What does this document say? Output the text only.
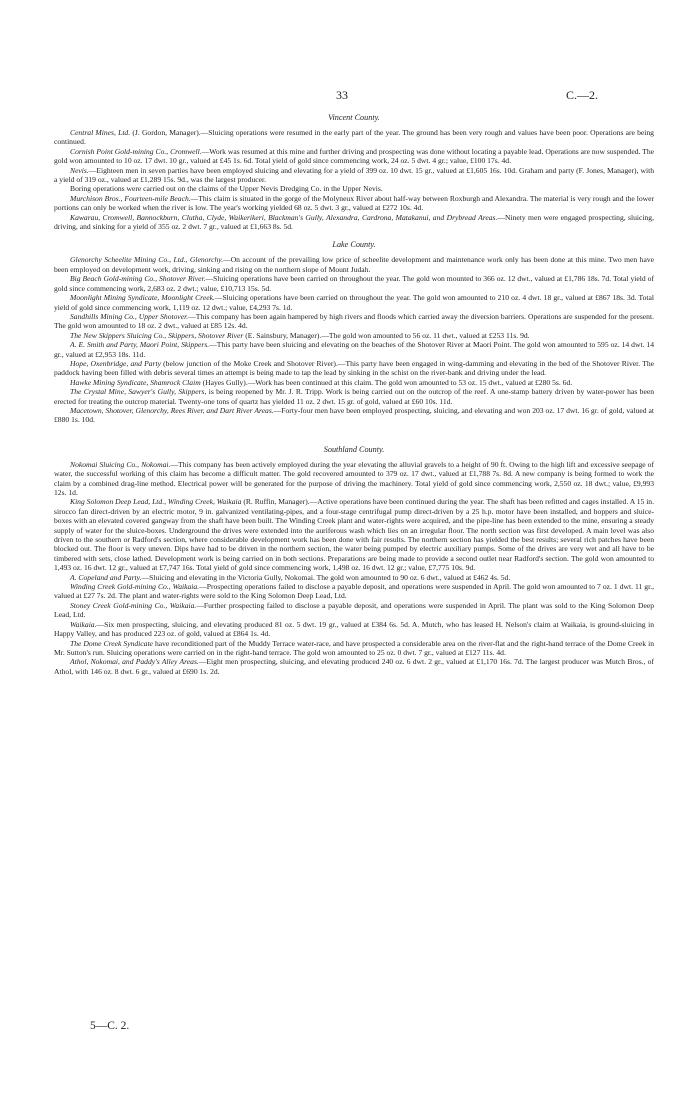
33	C.—2.
Vincent County.

Central Mines, Ltd. (J. Gordon, Manager).—Sluicing operations were resumed in the early part of the year. The ground has been very rough and values have been poor. Operations are being continued.

Cornish Point Gold-mining Co., Cromwell.—Work was resumed at this mine and further driving and prospecting was done without locating a payable lead. Operations are now suspended. The gold won amounted to 10 oz. 17 dwt. 10 gr., valued at £45 1s. 6d. Total yield of gold since commencing work, 24 oz. 5 dwt. 4 gr.; value, £100 17s. 4d.

Nevis.—Eighteen men in seven parties have been employed sluicing and elevating for a yield of 399 oz. 10 dwt. 15 gr., valued at £1,605 16s. 10d. Graham and party (F. Jones, Manager), with a yield of 319 oz., valued at £1,289 15s. 9d., was the largest producer.

Boring operations were carried out on the claims of the Upper Nevis Dredging Co. in the Upper Nevis.

Murchison Bros., Fourteen-mile Beach.—This claim is situated in the gorge of the Molyneux River about half-way between Roxburgh and Alexandra. The material is very rough and the lower portions can only be worked when the river is low. The year's working yielded 68 oz. 5 dwt. 3 gr., valued at £272 10s. 4d.

Kawarau, Cromwell, Bannockburn, Clutha, Clyde, Waikerikeri, Blackman's Gully, Alexandra, Cardrona, Matakanui, and Drybread Areas.—Ninety men were engaged prospecting, sluicing, driving, and sinking for a yield of 355 oz. 2 dwt. 7 gr., valued at £1,663 8s. 5d.

Lake County.

Glenorchy Scheelite Mining Co., Ltd., Glenorchy.—On account of the prevailing low price of scheelite development and maintenance work only has been done at this mine. Two men have been employed on development work, driving, sinking and rising on the northern slope of Mount Judah.

Big Beach Gold-mining Co., Shotover River.—Sluicing operations have been carried on throughout the year. The gold won mounted to 366 oz. 12 dwt., valued at £1,786 18s. 7d. Total yield of gold since commencing work, 2,683 oz. 2 dwt.; value, £10,713 15s. 5d.

Moonlight Mining Syndicate, Moonlight Creek.—Sluicing operations have been carried on throughout the year. The gold won amounted to 210 oz. 4 dwt. 18 gr., valued at £867 18s. 3d. Total yield of gold since commencing work, 1,119 oz. 12 dwt.; value, £4,293 7s. 1d.

Sandhills Mining Co., Upper Shotover.—This company has been again hampered by high rivers and floods which carried away the diversion barriers. Operations are suspended for the present. The gold won amounted to 18 oz. 2 dwt., valued at £85 12s. 4d.

The New Skippers Sluicing Co., Skippers, Shotover River (E. Sainsbury, Manager).—The gold won amounted to 56 oz. 11 dwt., valued at £253 11s. 9d.

A. E. Smith and Party, Maori Point, Skippers.—This party have been sluicing and elevating on the beaches of the Shotover River at Maori Point. The gold won amounted to 595 oz. 14 dwt. 14 gr., valued at £2,953 18s. 11d.

Hope, Oxenbridge, and Party (below junction of the Moke Creek and Shotover River).—This party have been engaged in wing-damming and elevating in the bed of the Shotover River. The paddock having been filled with debris several times an attempt is being made to tap the lead by sinking in the schist on the river-bank and driving under the lead.

Hawke Mining Syndicate, Shamrock Claim (Hayes Gully).—Work has been continued at this claim. The gold won amounted to 53 oz. 15 dwt., valued at £280 5s. 6d.

The Crystal Mine, Sawyer's Gully, Skippers, is being reopened by Mr. J. R. Tripp. Work is being carried out on the outcrop of the reef. A one-stamp battery driven by water-power has been erected for treating the outcrop material. Twenty-one tons of quartz has yielded 11 oz. 2 dwt. 15 gr. of gold, valued at £60 10s. 11d.

Macetown, Shotover, Glenorchy, Rees River, and Dart River Areas.—Forty-four men have been employed prospecting, sluicing, and elevating and won 203 oz. 17 dwt. 16 gr. of gold, valued at £880 1s. 10d.

Southland County.

Nokomai Sluicing Co., Nokomai.—This company has been actively employed during the year elevating the alluvial gravels to a height of 90 ft. Owing to the high lift and excessive seepage of water, the successful working of this claim has become a difficult matter. The gold recovered amounted to 379 oz. 17 dwt., valued at £1,788 7s. 8d. A new company is being formed to work the claim by a combined drag-line method. Electrical power will be generated for the purpose of driving the machinery. Total yield of gold since commencing work, 2,550 oz. 18 dwt.; value, £9,993 12s. 1d.

King Solomon Deep Lead, Ltd., Winding Creek, Waikaia (R. Ruffin, Manager).—Active operations have been continued during the year. The shaft has been refitted and cages installed. A 15 in. sirocco fan direct-driven by an electric motor, 9 in. galvanized ventilating-pipes, and a four-stage centrifugal pump direct-driven by a 25 h.p. motor have been installed, and hoppers and sluice-boxes with an elevated covered gangway from the shaft have been built. The Winding Creek plant and water-rights were acquired, and the pipe-line has been extended to the mine, ensuring a steady supply of water for the sluice-boxes. Underground the drives were extended into the auriferous wash which lies on an irregular floor. The north section was first developed. A main level was also driven to the southern or Radford's section, where considerable development work has been done with fair results. The northern section has yielded the best results; several rich patches have been blocked out. The floor is very uneven. Dips have had to be driven in the northern section, the water being pumped by electric auxiliary pumps. Some of the drives are very wet and all have to be timbered with sets, close lathed. Development work is being carried on in both sections. Preparations are being made to provide a second outlet near Radford's section. The gold won amounted to 1,493 oz. 16 dwt. 12 gr., valued at £7,747 16s. Total yield of gold since commencing work, 1,498 oz. 16 dwt. 12 gr.; value, £7,775 10s. 9d.

A. Copeland and Party.—Sluicing and elevating in the Victoria Gully, Nokomai. The gold won amounted to 90 oz. 6 dwt., valued at £462 4s. 5d.

Winding Creek Gold-mining Co., Waikaia.—Prospecting operations failed to disclose a payable deposit, and operations were suspended in April. The gold won amounted to 7 oz. 1 dwt. 11 gr., valued at £27 7s. 2d. The plant and water-rights were sold to the King Solomon Deep Lead, Ltd.

Stoney Creek Gold-mining Co., Waikaia.—Further prospecting failed to disclose a payable deposit, and operations were suspended in April. The plant was sold to the King Solomon Deep Lead, Ltd.

Waikaia.—Six men prospecting, sluicing, and elevating produced 81 oz. 5 dwt. 19 gr., valued at £384 6s. 5d. A. Mutch, who has leased H. Nelson's claim at Waikaia, is ground-sluicing in Happy Valley, and has produced 223 oz. of gold, valued at £864 1s. 4d.

The Dome Creek Syndicate have reconditioned part of the Muddy Terrace water-race, and have prospected a considerable area on the river-flat and the right-hand terrace of the Dome Creek in Mr. Sutton's run. Sluicing operations were carried on in the right-hand terrace. The gold won amounted to 25 oz. 0 dwt. 7 gr., valued at £127 11s. 4d.

Athol, Nokomai, and Paddy's Alley Areas.—Eight men prospecting, sluicing, and elevating produced 240 oz. 6 dwt. 2 gr., valued at £1,170 16s. 7d. The largest producer was Mutch Bros., of Athol, with 146 oz. 8 dwt. 6 gr., valued at £690 1s. 2d.

5—C. 2.
